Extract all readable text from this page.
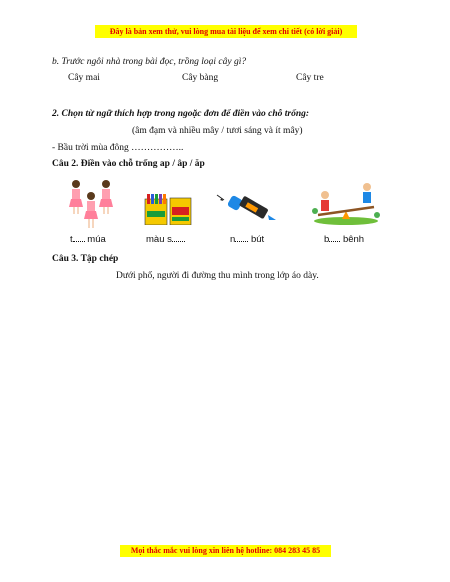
Đây là bản xem thử, vui lòng mua tài liệu để xem chi tiết (có lời giải)
b. Trước ngôi nhà trong bài đọc, trồng loại cây gì?
Cây mai	Cây bàng	Cây tre
2. Chọn từ ngữ thích hợp trong ngoặc đơn để điền vào chỗ trống:
(âm đạm và nhiều mây / tươi sáng và ít mây)
- Bầu trời mùa đông ……………..
Câu 2. Điền vào chỗ trống ap / âp / ăp
t múa	màu s	n bút	b bênh
Câu 3. Tập chép
Dưới phố, người đi đường thu mình trong lớp áo dày.
Mọi thắc mắc vui lòng xin liên hệ hotline: 084 283 45 85
